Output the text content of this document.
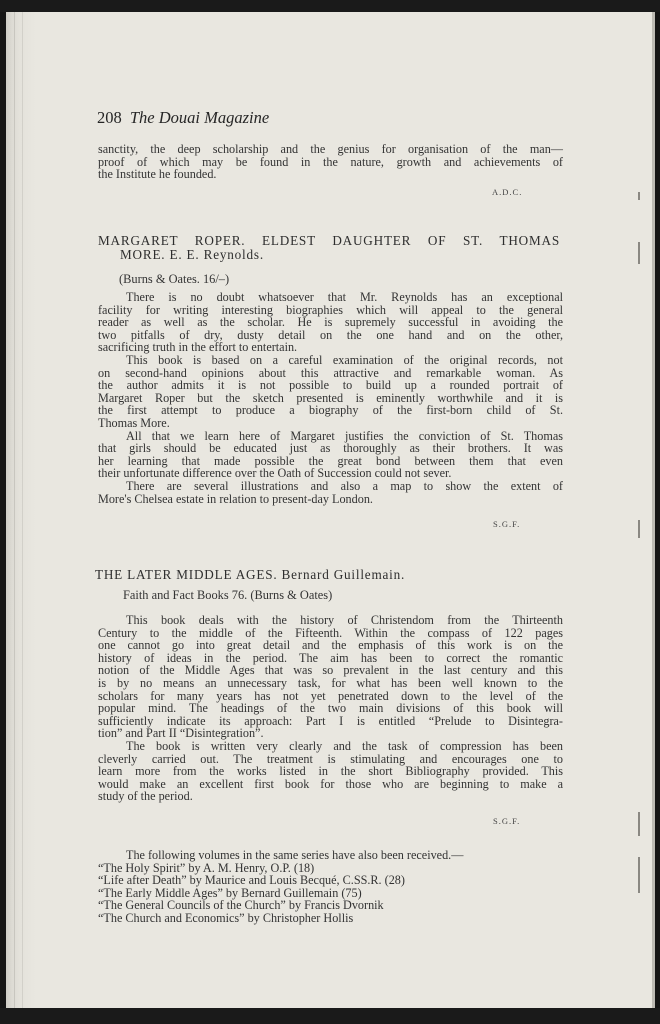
208 The Douai Magazine

sanctity, the deep scholarship and the genius for organisation of the man—

proof of which may be found in the nature, growth and achievements of

the Institute he founded.

A.D.C.
MARGARET ROPER. ELDEST DAUGHTER OF ST. THOMAS
MORE. E. E. Reynolds.
(Burns & Oates. 16/–)

There is no doubt whatsoever that Mr. Reynolds has an exceptional

facility for writing interesting biographies which will appeal to the general

reader as well as the scholar. He is supremely successful in avoiding the

two pitfalls of dry, dusty detail on the one hand and on the other,

sacrificing truth in the effort to entertain.

This book is based on a careful examination of the original records, not

on second-hand opinions about this attractive and remarkable woman. As

the author admits it is not possible to build up a rounded portrait of

Margaret Roper but the sketch presented is eminently worthwhile and it is

the first attempt to produce a biography of the first-born child of St.

Thomas More.

All that we learn here of Margaret justifies the conviction of St. Thomas

that girls should be educated just as thoroughly as their brothers. It was

her learning that made possible the great bond between them that even

their unfortunate difference over the Oath of Succession could not sever.

There are several illustrations and also a map to show the extent of

More's Chelsea estate in relation to present-day London.

S.G.F.
THE LATER MIDDLE AGES. Bernard Guillemain.
Faith and Fact Books 76. (Burns & Oates)

This book deals with the history of Christendom from the Thirteenth

Century to the middle of the Fifteenth. Within the compass of 122 pages

one cannot go into great detail and the emphasis of this work is on the

history of ideas in the period. The aim has been to correct the romantic

notion of the Middle Ages that was so prevalent in the last century and this

is by no means an unnecessary task, for what has been well known to the

scholars for many years has not yet penetrated down to the level of the

popular mind. The headings of the two main divisions of this book will

sufficiently indicate its approach: Part I is entitled “Prelude to Disintegra-

tion” and Part II “Disintegration”.

The book is written very clearly and the task of compression has been

cleverly carried out. The treatment is stimulating and encourages one to

learn more from the works listed in the short Bibliography provided. This

would make an excellent first book for those who are beginning to make a

study of the period.

S.G.F.
The following volumes in the same series have also been received.—
“The Holy Spirit” by A. M. Henry, O.P. (18)
“Life after Death” by Maurice and Louis Becqué, C.SS.R. (28)
“The Early Middle Ages” by Bernard Guillemain (75)
“The General Councils of the Church” by Francis Dvornik
“The Church and Economics” by Christopher Hollis
